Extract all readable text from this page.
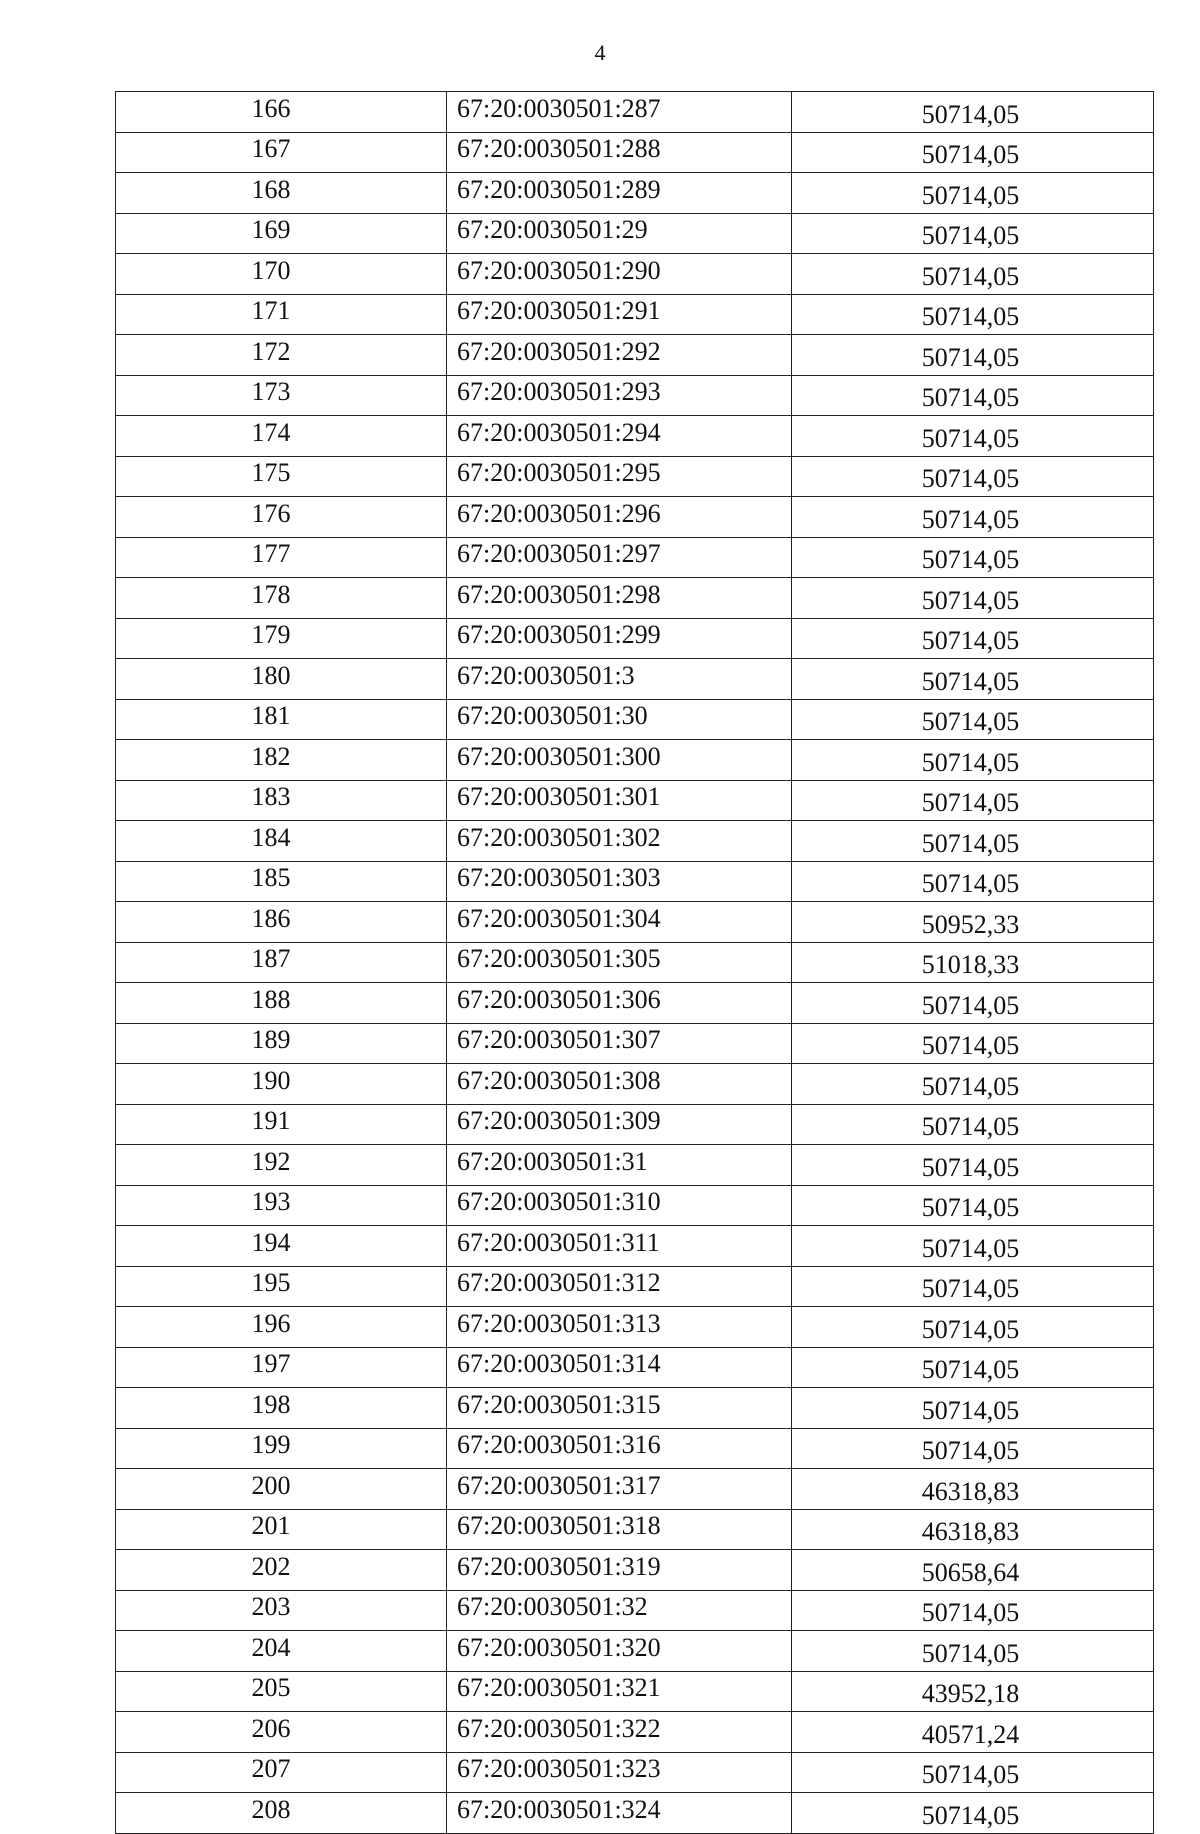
4
166	67:20:0030501:287	50714,05
167	67:20:0030501:288	50714,05
168	67:20:0030501:289	50714,05
169	67:20:0030501:29	50714,05
170	67:20:0030501:290	50714,05
171	67:20:0030501:291	50714,05
172	67:20:0030501:292	50714,05
173	67:20:0030501:293	50714,05
174	67:20:0030501:294	50714,05
175	67:20:0030501:295	50714,05
176	67:20:0030501:296	50714,05
177	67:20:0030501:297	50714,05
178	67:20:0030501:298	50714,05
179	67:20:0030501:299	50714,05
180	67:20:0030501:3	50714,05
181	67:20:0030501:30	50714,05
182	67:20:0030501:300	50714,05
183	67:20:0030501:301	50714,05
184	67:20:0030501:302	50714,05
185	67:20:0030501:303	50714,05
186	67:20:0030501:304	50952,33
187	67:20:0030501:305	51018,33
188	67:20:0030501:306	50714,05
189	67:20:0030501:307	50714,05
190	67:20:0030501:308	50714,05
191	67:20:0030501:309	50714,05
192	67:20:0030501:31	50714,05
193	67:20:0030501:310	50714,05
194	67:20:0030501:311	50714,05
195	67:20:0030501:312	50714,05
196	67:20:0030501:313	50714,05
197	67:20:0030501:314	50714,05
198	67:20:0030501:315	50714,05
199	67:20:0030501:316	50714,05
200	67:20:0030501:317	46318,83
201	67:20:0030501:318	46318,83
202	67:20:0030501:319	50658,64
203	67:20:0030501:32	50714,05
204	67:20:0030501:320	50714,05
205	67:20:0030501:321	43952,18
206	67:20:0030501:322	40571,24
207	67:20:0030501:323	50714,05
208	67:20:0030501:324	50714,05
